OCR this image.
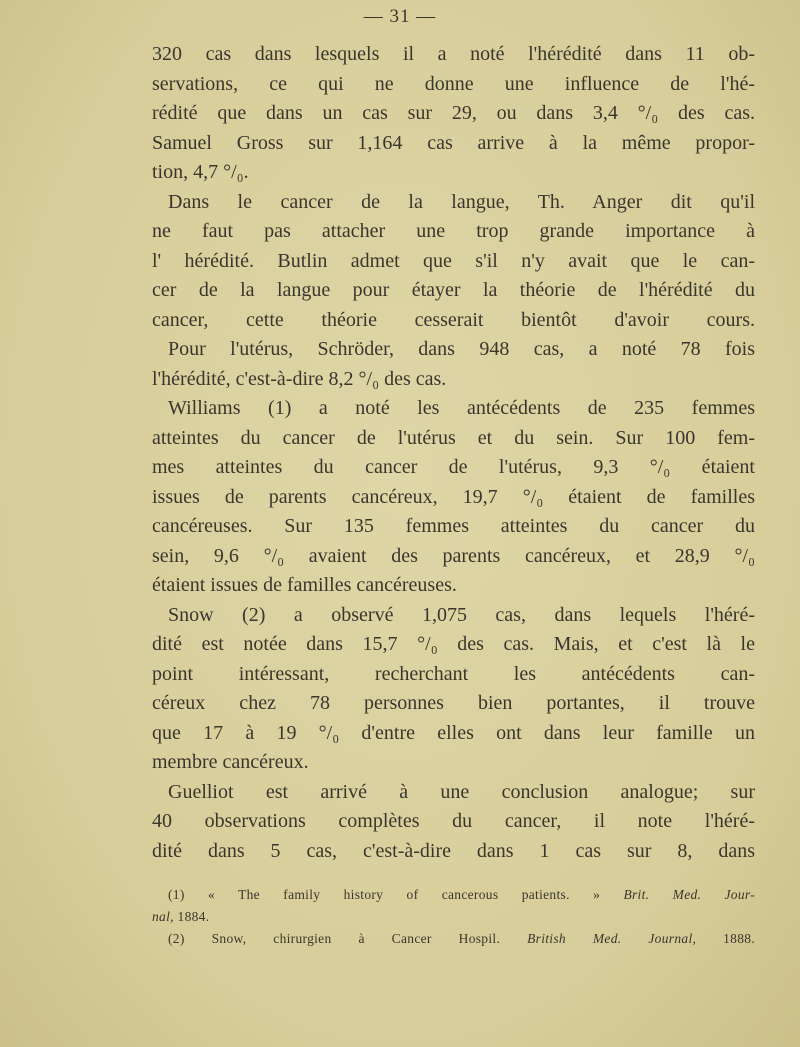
— 31 —
320 cas dans lesquels il a noté l'hérédité dans 11 ob-
servations, ce qui ne donne une influence de l'hé-
rédité que dans un cas sur 29, ou dans 3,4 °/₀ des cas.
Samuel Gross sur 1,164 cas arrive à la même propor-
tion, 4,7 °/₀.
Dans le cancer de la langue, Th. Anger dit qu'il
ne faut pas attacher une trop grande importance à
l' hérédité. Butlin admet que s'il n'y avait que le can-
cer de la langue pour étayer la théorie de l'hérédité du
cancer, cette théorie cesserait bientôt d'avoir cours.
Pour l'utérus, Schröder, dans 948 cas, a noté 78 fois
l'hérédité, c'est-à-dire 8,2 °/₀ des cas.
Williams (1) a noté les antécédents de 235 femmes
atteintes du cancer de l'utérus et du sein. Sur 100 fem-
mes atteintes du cancer de l'utérus, 9,3 °/₀ étaient
issues de parents cancéreux, 19,7 °/₀ étaient de familles
cancéreuses. Sur 135 femmes atteintes du cancer du
sein, 9,6 °/₀ avaient des parents cancéreux, et 28,9 °/₀
étaient issues de familles cancéreuses.
Snow (2) a observé 1,075 cas, dans lequels l'héré-
dité est notée dans 15,7 °/₀ des cas. Mais, et c'est là le
point intéressant, recherchant les antécédents can-
céreux chez 78 personnes bien portantes, il trouve
que 17 à 19 °/₀ d'entre elles ont dans leur famille un
membre cancéreux.
Guelliot est arrivé à une conclusion analogue; sur
40 observations complètes du cancer, il note l'héré-
dité dans 5 cas, c'est-à-dire dans 1 cas sur 8, dans
(1) « The family history of cancerous patients. » Brit. Med. Jour-
nal, 1884.
(2) Snow, chirurgien à Cancer Hospil. British Med. Journal, 1888.
